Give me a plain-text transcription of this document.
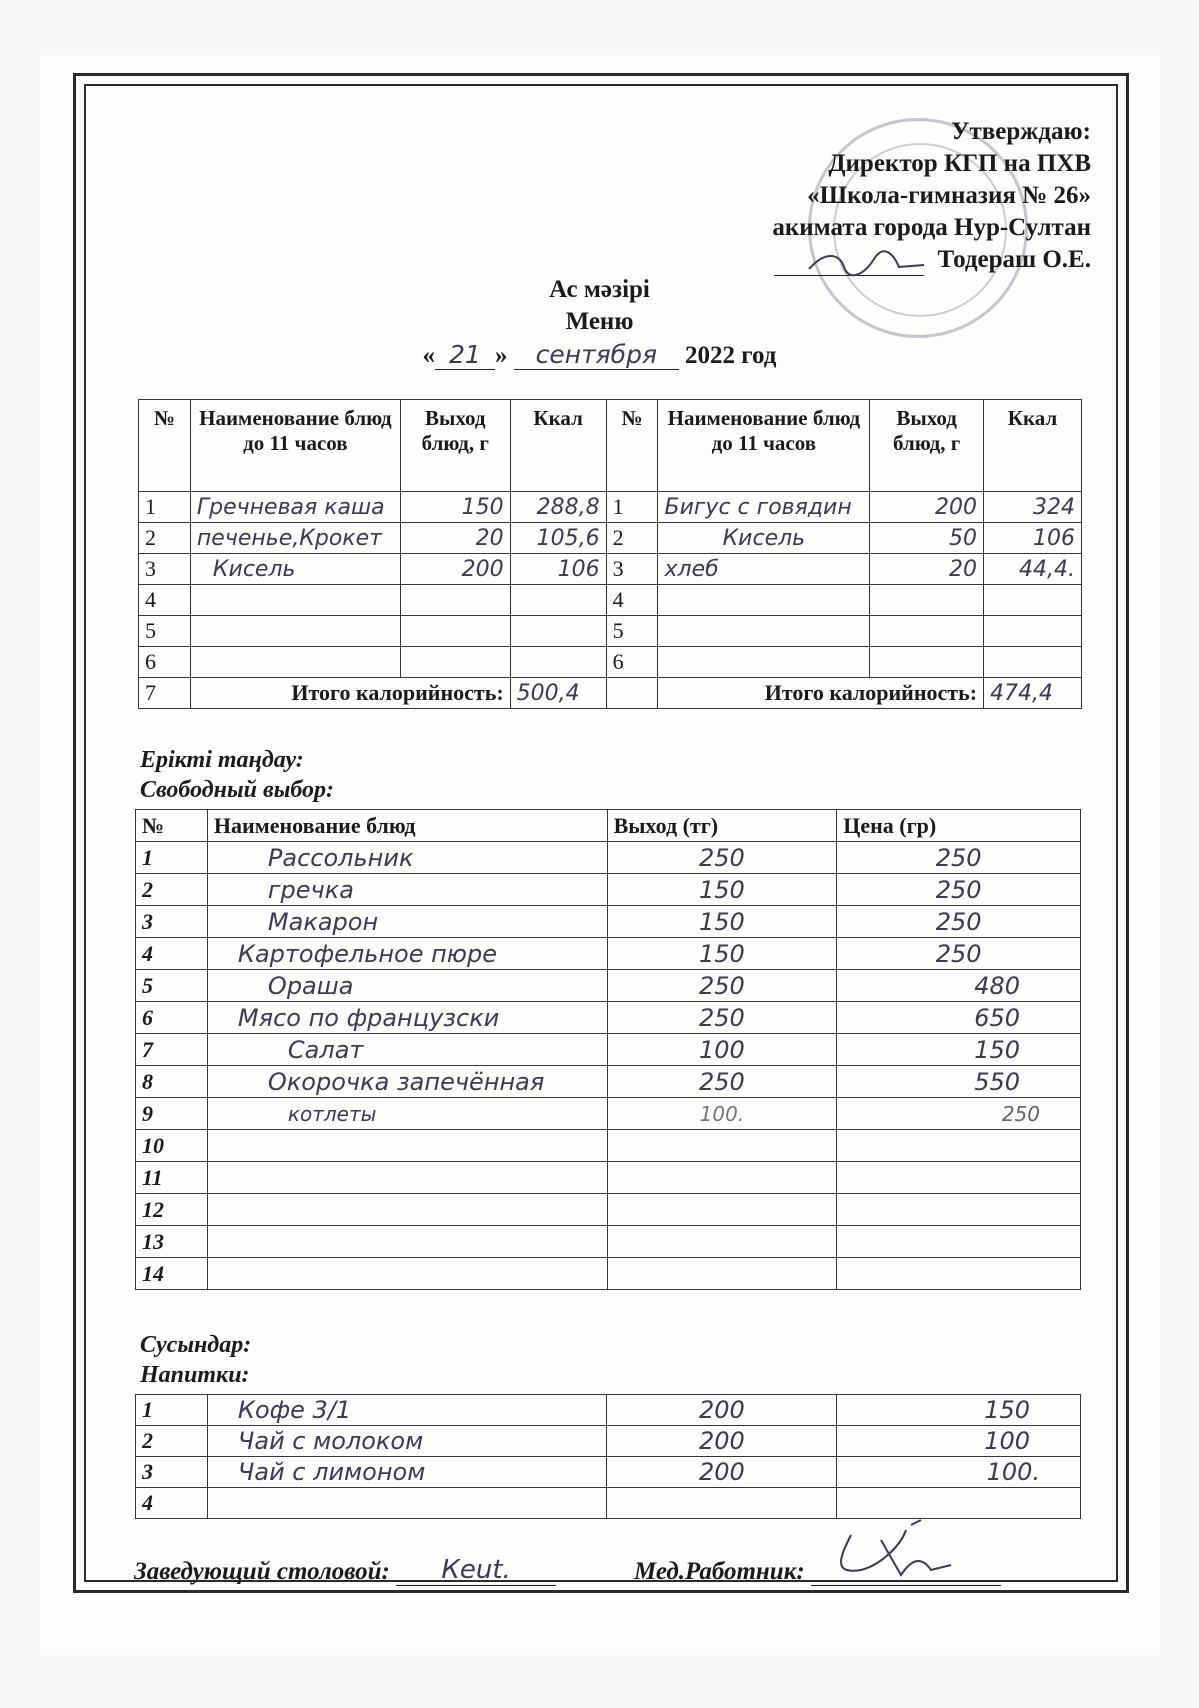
Утверждаю:
Директор КГП на ПХВ
«Школа-гимназия № 26»
акимата города Нур-Султан
Тодераш О.Е.
Ас мәзірі
Меню
« 21 » сентября 2022 год
№	Наименование блюд до 11 часов	Выход блюд, г	Ккал	№	Наименование блюд до 11 часов	Выход блюд, г	Ккал
1	Гречневая каша	150	288,8	1	Бигус с говядин	200	324
2	печенье,Крокет	20	105,6	2	Кисель	50	106
3	Кисель	200	106	3	хлеб	20	44,4.
4				4			
5				5			
6				6			
7	Итого калорийность:		500,4		Итого калорийность:		474,4
Ерікті таңдау:
Свободный выбор:
№	Наименование блюд	Выход (тг)	Цена (гр)
1	Рассольник	250	250
2	гречка	150	250
3	Макарон	150	250
4	Картофельное пюре	150	250
5	Oраша	250	480
6	Мясо по французски	250	650
7	Салат	100	150
8	Окорочка запечённая	250	550
9	котлеты	100.	250
10			
11			
12			
13			
14			
Сусындар:
Напитки:
1	Кофе 3/1	200	150
2	Чай с молоком	200	100
3	Чай с лимоном	200	100.
4			
Заведующий столовой: Кеut.	Мед.Работник:
